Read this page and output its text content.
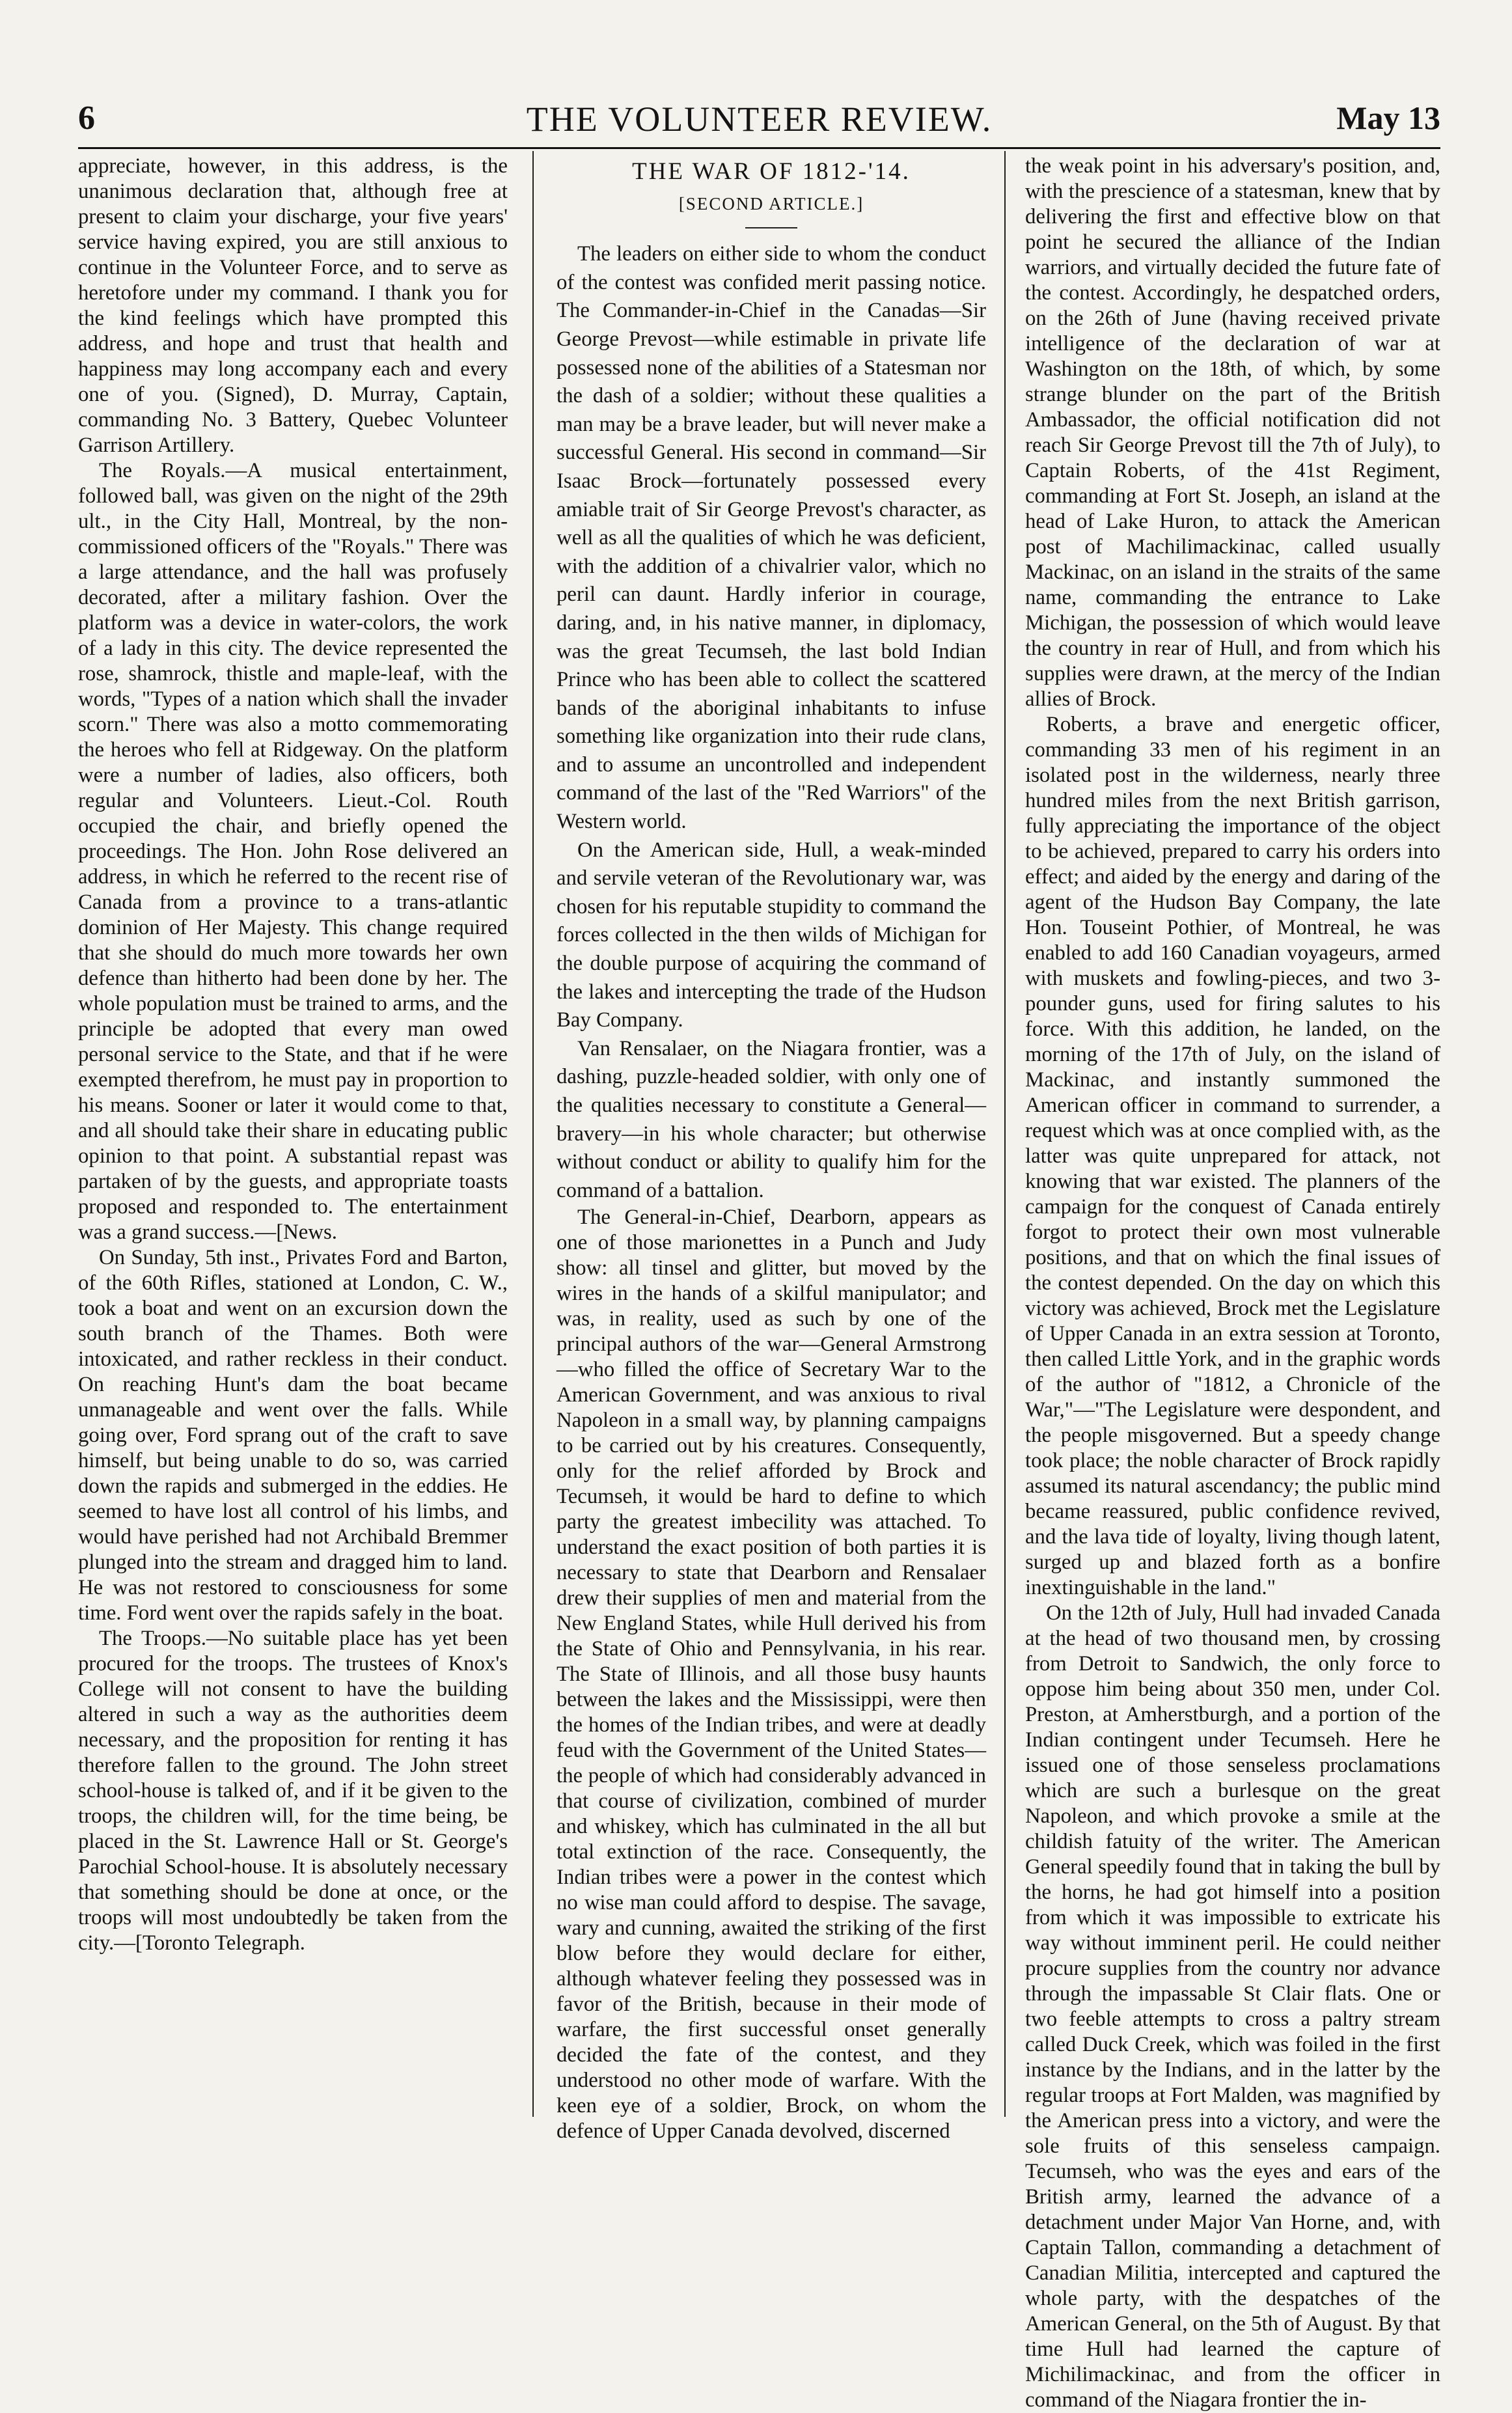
6	THE VOLUNTEER REVIEW.	May 13

appreciate, however, in this address, is the unanimous declaration that, although free at present to claim your discharge, your five years' service having expired, you are still anxious to continue in the Volunteer Force, and to serve as heretofore under my command. I thank you for the kind feelings which have prompted this address, and hope and trust that health and happiness may long accompany each and every one of you. (Signed), D. Murray, Captain, commanding No. 3 Battery, Quebec Volunteer Garrison Artillery.

The Royals.—A musical entertainment, followed ball, was given on the night of the 29th ult., in the City Hall, Montreal, by the non-commissioned officers of the "Royals." There was a large attendance, and the hall was profusely decorated, after a military fashion. Over the platform was a device in water-colors, the work of a lady in this city. The device represented the rose, shamrock, thistle and maple-leaf, with the words, "Types of a nation which shall the invader scorn." There was also a motto commemorating the heroes who fell at Ridgeway. On the platform were a number of ladies, also officers, both regular and Volunteers. Lieut.-Col. Routh occupied the chair, and briefly opened the proceedings. The Hon. John Rose delivered an address, in which he referred to the recent rise of Canada from a province to a trans-atlantic dominion of Her Majesty. This change required that she should do much more towards her own defence than hitherto had been done by her. The whole population must be trained to arms, and the principle be adopted that every man owed personal service to the State, and that if he were exempted therefrom, he must pay in proportion to his means. Sooner or later it would come to that, and all should take their share in educating public opinion to that point. A substantial repast was partaken of by the guests, and appropriate toasts proposed and responded to. The entertainment was a grand success.—[News.

On Sunday, 5th inst., Privates Ford and Barton, of the 60th Rifles, stationed at London, C. W., took a boat and went on an excursion down the south branch of the Thames. Both were intoxicated, and rather reckless in their conduct. On reaching Hunt's dam the boat became unmanageable and went over the falls. While going over, Ford sprang out of the craft to save himself, but being unable to do so, was carried down the rapids and submerged in the eddies. He seemed to have lost all control of his limbs, and would have perished had not Archibald Bremmer plunged into the stream and dragged him to land. He was not restored to consciousness for some time. Ford went over the rapids safely in the boat.

The Troops.—No suitable place has yet been procured for the troops. The trustees of Knox's College will not consent to have the building altered in such a way as the authorities deem necessary, and the proposition for renting it has therefore fallen to the ground. The John street school-house is talked of, and if it be given to the troops, the children will, for the time being, be placed in the St. Lawrence Hall or St. George's Parochial School-house. It is absolutely necessary that something should be done at once, or the troops will most undoubtedly be taken from the city.—[Toronto Telegraph.

THE WAR OF 1812-'14.
[SECOND ARTICLE.]

The leaders on either side to whom the conduct of the contest was confided merit passing notice. The Commander-in-Chief in the Canadas—Sir George Prevost—while estimable in private life possessed none of the abilities of a Statesman nor the dash of a soldier; without these qualities a man may be a brave leader, but will never make a successful General. His second in command—Sir Isaac Brock—fortunately possessed every amiable trait of Sir George Prevost's character, as well as all the qualities of which he was deficient, with the addition of a chivalrier valor, which no peril can daunt. Hardly inferior in courage, daring, and, in his native manner, in diplomacy, was the great Tecumseh, the last bold Indian Prince who has been able to collect the scattered bands of the aboriginal inhabitants to infuse something like organization into their rude clans, and to assume an uncontrolled and independent command of the last of the "Red Warriors" of the Western world.

On the American side, Hull, a weak-minded and servile veteran of the Revolutionary war, was chosen for his reputable stupidity to command the forces collected in the then wilds of Michigan for the double purpose of acquiring the command of the lakes and intercepting the trade of the Hudson Bay Company.

Van Rensalaer, on the Niagara frontier, was a dashing, puzzle-headed soldier, with only one of the qualities necessary to constitute a General—bravery—in his whole character; but otherwise without conduct or ability to qualify him for the command of a battalion.

The General-in-Chief, Dearborn, appears as one of those marionettes in a Punch and Judy show: all tinsel and glitter, but moved by the wires in the hands of a skilful manipulator; and was, in reality, used as such by one of the principal authors of the war—General Armstrong—who filled the office of Secretary War to the American Government, and was anxious to rival Napoleon in a small way, by planning campaigns to be carried out by his creatures. Consequently, only for the relief afforded by Brock and Tecumseh, it would be hard to define to which party the greatest imbecility was attached. To understand the exact position of both parties it is necessary to state that Dearborn and Rensalaer drew their supplies of men and material from the New England States, while Hull derived his from the State of Ohio and Pennsylvania, in his rear. The State of Illinois, and all those busy haunts between the lakes and the Mississippi, were then the homes of the Indian tribes, and were at deadly feud with the Government of the United States—the people of which had considerably advanced in that course of civilization, combined of murder and whiskey, which has culminated in the all but total extinction of the race. Consequently, the Indian tribes were a power in the contest which no wise man could afford to despise. The savage, wary and cunning, awaited the striking of the first blow before they would declare for either, although whatever feeling they possessed was in favor of the British, because in their mode of warfare, the first successful onset generally decided the fate of the contest, and they understood no other mode of warfare. With the keen eye of a soldier, Brock, on whom the defence of Upper Canada devolved, discerned

the weak point in his adversary's position, and, with the prescience of a statesman, knew that by delivering the first and effective blow on that point he secured the alliance of the Indian warriors, and virtually decided the future fate of the contest. Accordingly, he despatched orders, on the 26th of June (having received private intelligence of the declaration of war at Washington on the 18th, of which, by some strange blunder on the part of the British Ambassador, the official notification did not reach Sir George Prevost till the 7th of July), to Captain Roberts, of the 41st Regiment, commanding at Fort St. Joseph, an island at the head of Lake Huron, to attack the American post of Machilimackinac, called usually Mackinac, on an island in the straits of the same name, commanding the entrance to Lake Michigan, the possession of which would leave the country in rear of Hull, and from which his supplies were drawn, at the mercy of the Indian allies of Brock.

Roberts, a brave and energetic officer, commanding 33 men of his regiment in an isolated post in the wilderness, nearly three hundred miles from the next British garrison, fully appreciating the importance of the object to be achieved, prepared to carry his orders into effect; and aided by the energy and daring of the agent of the Hudson Bay Company, the late Hon. Touseint Pothier, of Montreal, he was enabled to add 160 Canadian voyageurs, armed with muskets and fowling-pieces, and two 3-pounder guns, used for firing salutes to his force. With this addition, he landed, on the morning of the 17th of July, on the island of Mackinac, and instantly summoned the American officer in command to surrender, a request which was at once complied with, as the latter was quite unprepared for attack, not knowing that war existed. The planners of the campaign for the conquest of Canada entirely forgot to protect their own most vulnerable positions, and that on which the final issues of the contest depended. On the day on which this victory was achieved, Brock met the Legislature of Upper Canada in an extra session at Toronto, then called Little York, and in the graphic words of the author of "1812, a Chronicle of the War,"—"The Legislature were despondent, and the people misgoverned. But a speedy change took place; the noble character of Brock rapidly assumed its natural ascendancy; the public mind became reassured, public confidence revived, and the lava tide of loyalty, living though latent, surged up and blazed forth as a bonfire inextinguishable in the land."

On the 12th of July, Hull had invaded Canada at the head of two thousand men, by crossing from Detroit to Sandwich, the only force to oppose him being about 350 men, under Col. Preston, at Amherstburgh, and a portion of the Indian contingent under Tecumseh. Here he issued one of those senseless proclamations which are such a burlesque on the great Napoleon, and which provoke a smile at the childish fatuity of the writer. The American General speedily found that in taking the bull by the horns, he had got himself into a position from which it was impossible to extricate his way without imminent peril. He could neither procure supplies from the country nor advance through the impassable St Clair flats. One or two feeble attempts to cross a paltry stream called Duck Creek, which was foiled in the first instance by the Indians, and in the latter by the regular troops at Fort Malden, was magnified by the American press into a victory, and were the sole fruits of this senseless campaign. Tecumseh, who was the eyes and ears of the British army, learned the advance of a detachment under Major Van Horne, and, with Captain Tallon, commanding a detachment of Canadian Militia, intercepted and captured the whole party, with the despatches of the American General, on the 5th of August. By that time Hull had learned the capture of Michilimackinac, and from the officer in command of the Niagara frontier the in-
